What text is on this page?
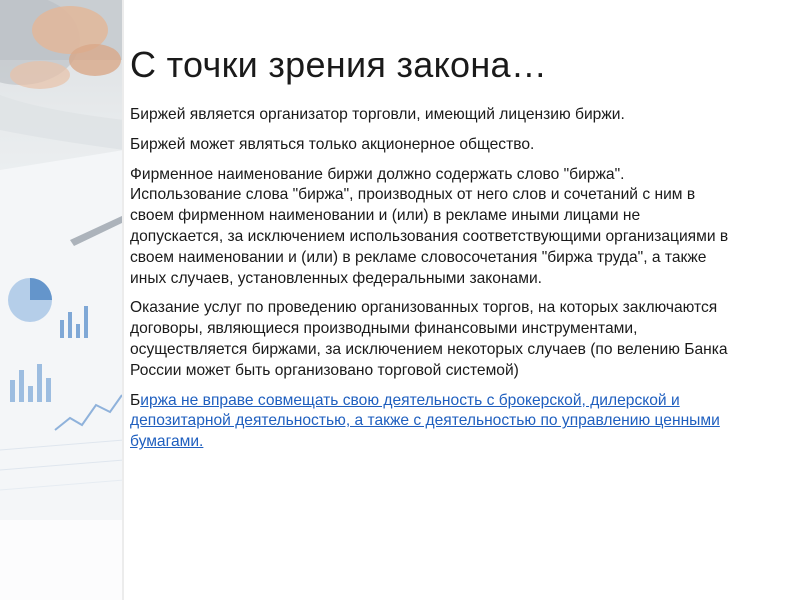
С точки зрения закона…

Биржей является организатор торговли, имеющий лицензию биржи.

Биржей может являться только акционерное общество.

Фирменное наименование биржи должно содержать слово "биржа". Использование слова "биржа", производных от него слов и сочетаний с ним в своем фирменном наименовании и (или) в рекламе иными лицами не допускается, за исключением использования соответствующими организациями в своем наименовании и (или) в рекламе словосочетания "биржа труда", а также иных случаев, установленных федеральными законами.

Оказание услуг по проведению организованных торгов, на которых заключаются договоры, являющиеся производными финансовыми инструментами, осуществляется биржами, за исключением некоторых случаев (по велению Банка России может быть организовано торговой системой)

Биржа не вправе совмещать свою деятельность с брокерской, дилерской и депозитарной деятельностью, а также с деятельностью по управлению ценными бумагами.
